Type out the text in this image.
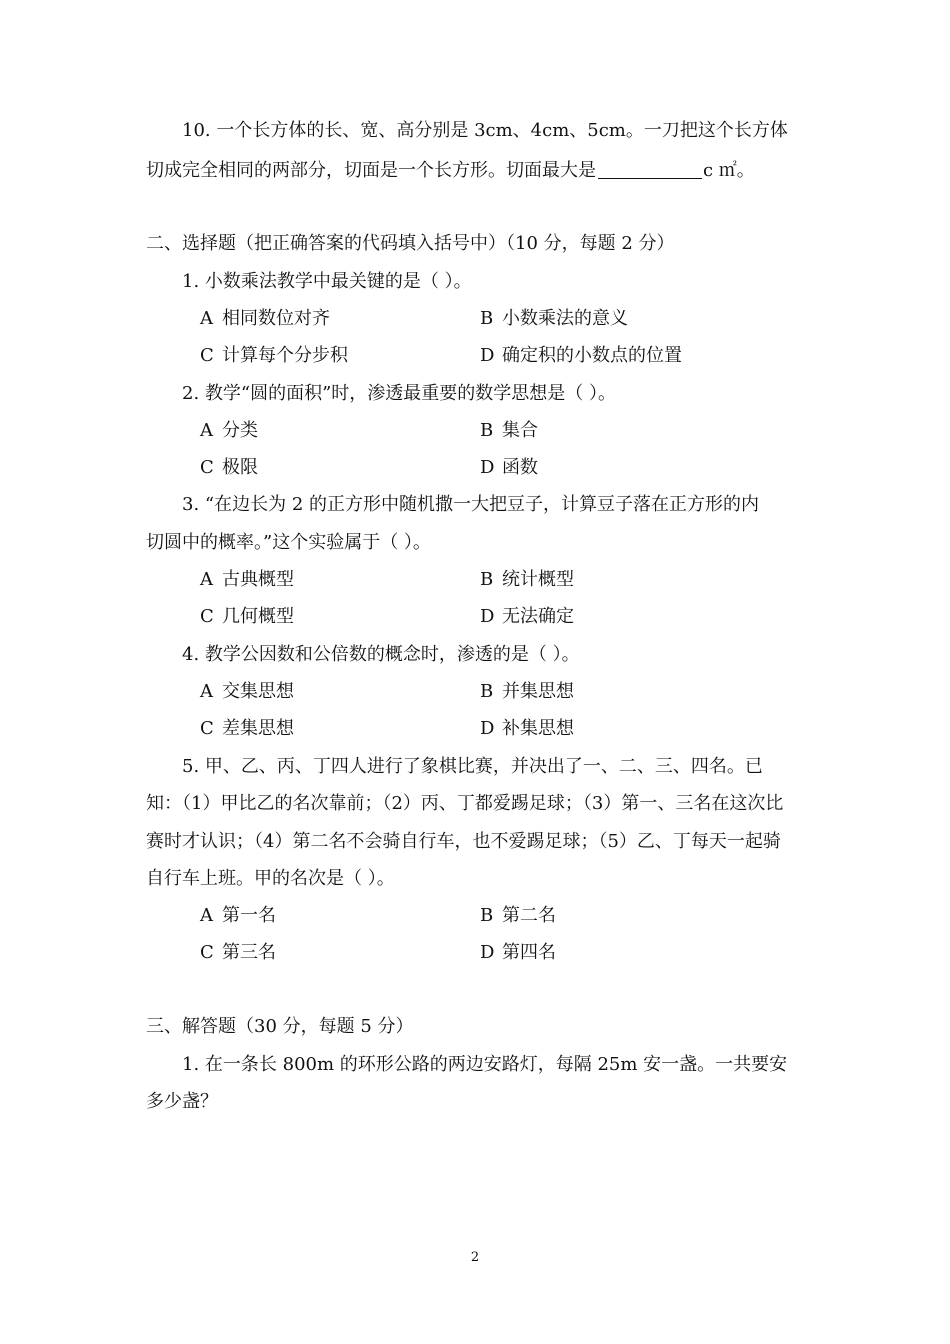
10. 一个长方体的长、宽、高分别是 3cm、4cm、5cm。一刀把这个长方体
切成完全相同的两部分，切面是一个长方形。切面最大是	c ㎡。
二、选择题（把正确答案的代码填入括号中）（10 分，每题 2 分）
1. 小数乘法教学中最关键的是（ ）。
A 相同数位对齐	B 小数乘法的意义
C 计算每个分步积	D 确定积的小数点的位置
2. 教学“圆的面积”时，渗透最重要的数学思想是（ ）。
A 分类	B 集合
C 极限	D 函数
3. “在边长为 2 的正方形中随机撒一大把豆子，计算豆子落在正方形的内
切圆中的概率。”这个实验属于（ ）。
A 古典概型	B 统计概型
C 几何概型	D 无法确定
4. 教学公因数和公倍数的概念时，渗透的是（ ）。
A 交集思想	B 并集思想
C 差集思想	D 补集思想
5. 甲、乙、丙、丁四人进行了象棋比赛，并决出了一、二、三、四名。已
知：（1）甲比乙的名次靠前；（2）丙、丁都爱踢足球；（3）第一、三名在这次比
赛时才认识；（4）第二名不会骑自行车，也不爱踢足球；（5）乙、丁每天一起骑
自行车上班。甲的名次是（ ）。
A 第一名	B 第二名
C 第三名	D 第四名
三、解答题（30 分，每题 5 分）
1. 在一条长 800m 的环形公路的两边安路灯，每隔 25m 安一盏。一共要安
多少盏？
2
